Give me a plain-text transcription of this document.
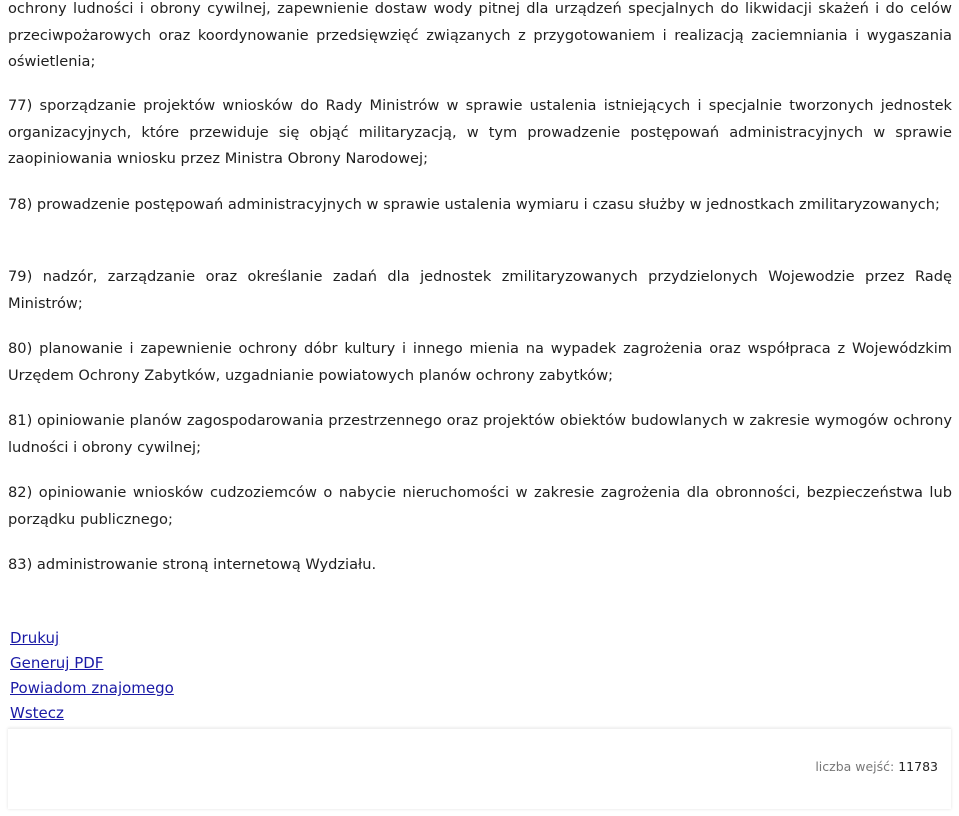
ochrony ludności i obrony cywilnej, zapewnienie dostaw wody pitnej dla urządzeń specjalnych do likwidacji skażeń i do celów przeciwpożarowych oraz koordynowanie przedsięwzięć związanych z przygotowaniem i realizacją zaciemniania i wygaszania oświetlenia;

77) sporządzanie projektów wniosków do Rady Ministrów w sprawie ustalenia istniejących i specjalnie tworzonych jednostek organizacyjnych, które przewiduje się objąć militaryzacją, w tym prowadzenie postępowań administracyjnych w sprawie zaopiniowania wniosku przez Ministra Obrony Narodowej;

78) prowadzenie postępowań administracyjnych w sprawie ustalenia wymiaru i czasu służby w jednostkach zmilitaryzowanych;

79) nadzór, zarządzanie oraz określanie zadań dla jednostek zmilitaryzowanych przydzielonych Wojewodzie przez Radę Ministrów;

80) planowanie i zapewnienie ochrony dóbr kultury i innego mienia na wypadek zagrożenia oraz współpraca z Wojewódzkim Urzędem Ochrony Zabytków, uzgadnianie powiatowych planów ochrony zabytków;

81) opiniowanie planów zagospodarowania przestrzennego oraz projektów obiektów budowlanych w zakresie wymogów ochrony ludności i obrony cywilnej;

82) opiniowanie wniosków cudzoziemców o nabycie nieruchomości w zakresie zagrożenia dla obronności, bezpieczeństwa lub porządku publicznego;

83) administrowanie stroną internetową Wydziału.

Drukuj
Generuj PDF
Powiadom znajomego
Wstecz
liczba wejść: 11783
